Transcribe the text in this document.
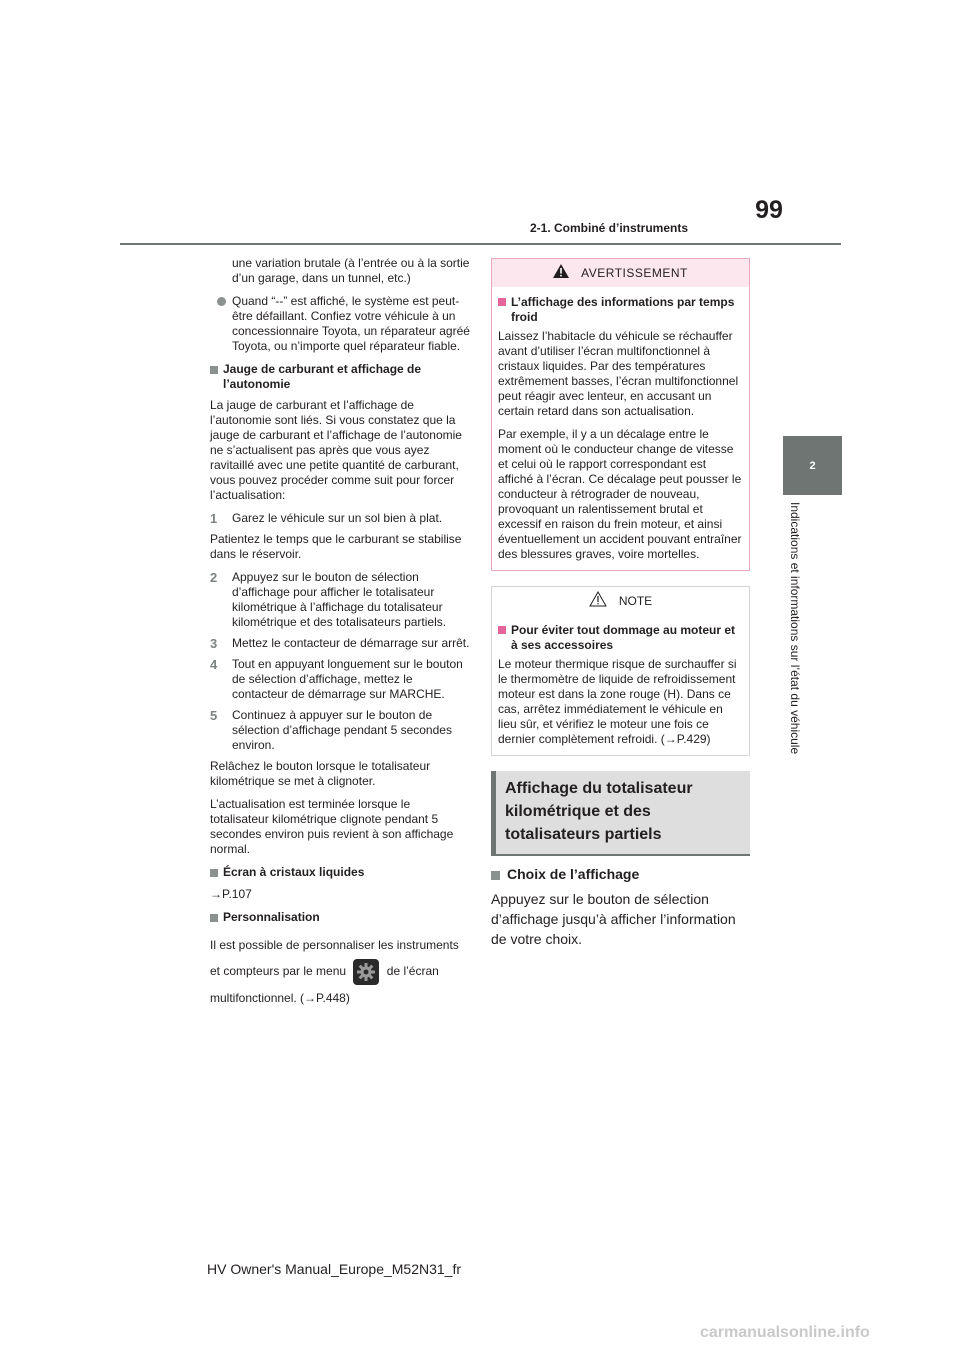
99
2-1. Combiné d’instruments
2
Indications et informations sur l’état du véhicule

une variation brutale (à l’entrée ou à la sortie d’un garage, dans un tunnel, etc.)

Quand “--” est affiché, le système est peut-être défaillant. Confiez votre véhicule à un concessionnaire Toyota, un réparateur agréé Toyota, ou n’importe quel réparateur fiable.
Jauge de carburant et affichage de l’autonomie

La jauge de carburant et l’affichage de l’autonomie sont liés. Si vous constatez que la jauge de carburant et l’affichage de l’autonomie ne s’actualisent pas après que vous ayez ravitaillé avec une petite quantité de carburant, vous pouvez procéder comme suit pour forcer l’actualisation:

1	Garez le véhicule sur un sol bien à plat.

Patientez le temps que le carburant se stabilise dans le réservoir.

2	Appuyez sur le bouton de sélection d’affichage pour afficher le totalisateur kilométrique à l’affichage du totalisateur kilométrique et des totalisateurs partiels.
3	Mettez le contacteur de démarrage sur arrêt.
4	Tout en appuyant longuement sur le bouton de sélection d’affichage, mettez le contacteur de démarrage sur MARCHE.
5	Continuez à appuyer sur le bouton de sélection d’affichage pendant 5 secondes environ.

Relâchez le bouton lorsque le totalisateur kilométrique se met à clignoter.

L’actualisation est terminée lorsque le totalisateur kilométrique clignote pendant 5 secondes environ puis revient à son affichage normal.

Écran à cristaux liquides

→P.107

Personnalisation

Il est possible de personnaliser les instruments et compteurs par le menu	de l’écran multifonctionnel. (→P.448)

AVERTISSEMENT
L’affichage des informations par temps froid

Laissez l’habitacle du véhicule se réchauffer avant d’utiliser l’écran multifonctionnel à cristaux liquides. Par des températures extrêmement basses, l’écran multifonctionnel peut réagir avec lenteur, en accusant un certain retard dans son actualisation.

Par exemple, il y a un décalage entre le moment où le conducteur change de vitesse et celui où le rapport correspondant est affiché à l’écran. Ce décalage peut pousser le conducteur à rétrograder de nouveau, provoquant un ralentissement brutal et excessif en raison du frein moteur, et ainsi éventuellement un accident pouvant entraîner des blessures graves, voire mortelles.

NOTE
Pour éviter tout dommage au moteur et à ses accessoires

Le moteur thermique risque de surchauffer si le thermomètre de liquide de refroidissement moteur est dans la zone rouge (H). Dans ce cas, arrêtez immédiatement le véhicule en lieu sûr, et vérifiez le moteur une fois ce dernier complètement refroidi. (→P.429)

Affichage du totalisateur kilométrique et des totalisateurs partiels
Choix de l’affichage

Appuyez sur le bouton de sélection d’affichage jusqu’à afficher l’information de votre choix.

HV Owner's Manual_Europe_M52N31_fr
carmanualsonline.info
